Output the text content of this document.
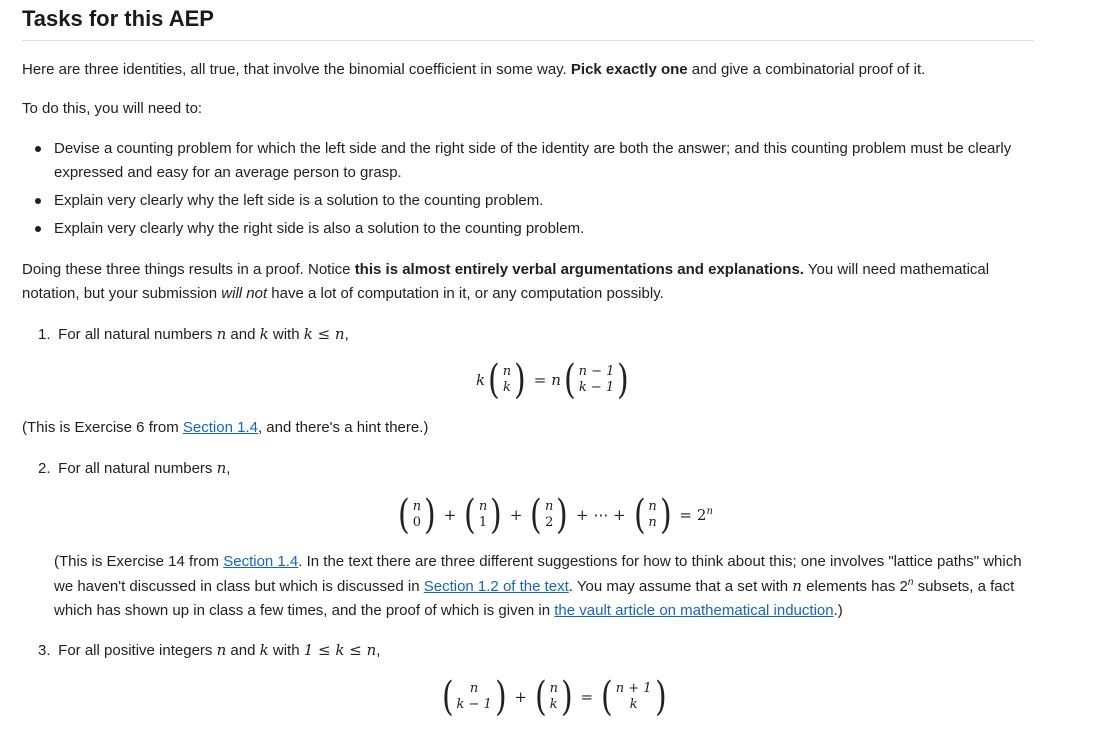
Tasks for this AEP

Here are three identities, all true, that involve the binomial coefficient in some way. Pick exactly one and give a combinatorial proof of it.

To do this, you will need to:

Devise a counting problem for which the left side and the right side of the identity are both the answer; and this counting problem must be clearly expressed and easy for an average person to grasp.
Explain very clearly why the left side is a solution to the counting problem.
Explain very clearly why the right side is also a solution to the counting problem.

Doing these three things results in a proof. Notice this is almost entirely verbal argumentations and explanations. You will need mathematical notation, but your submission will not have a lot of computation in it, or any computation possibly.

1. For all natural numbers n and k with k ≤ n,
k ( n
k ) = n ( n − 1
k − 1 )

(This is Exercise 6 from Section 1.4, and there's a hint there.)

2. For all natural numbers n,
( n
0 ) + ( n
1 ) + ( n
2 ) + ⋯ + ( n
n ) = $2^n$

(This is Exercise 14 from Section 1.4. In the text there are three different suggestions for how to think about this; one involves "lattice paths" which we haven't discussed in class but which is discussed in Section 1.2 of the text. You may assume that a set with n elements has 2$^n$ subsets, a fact which has shown up in class a few times, and the proof of which is given in the vault article on mathematical induction.)

3. For all positive integers n and k with 1 ≤ k ≤ n,
( n
k − 1 ) + ( n
k ) = ( n + 1
k )
